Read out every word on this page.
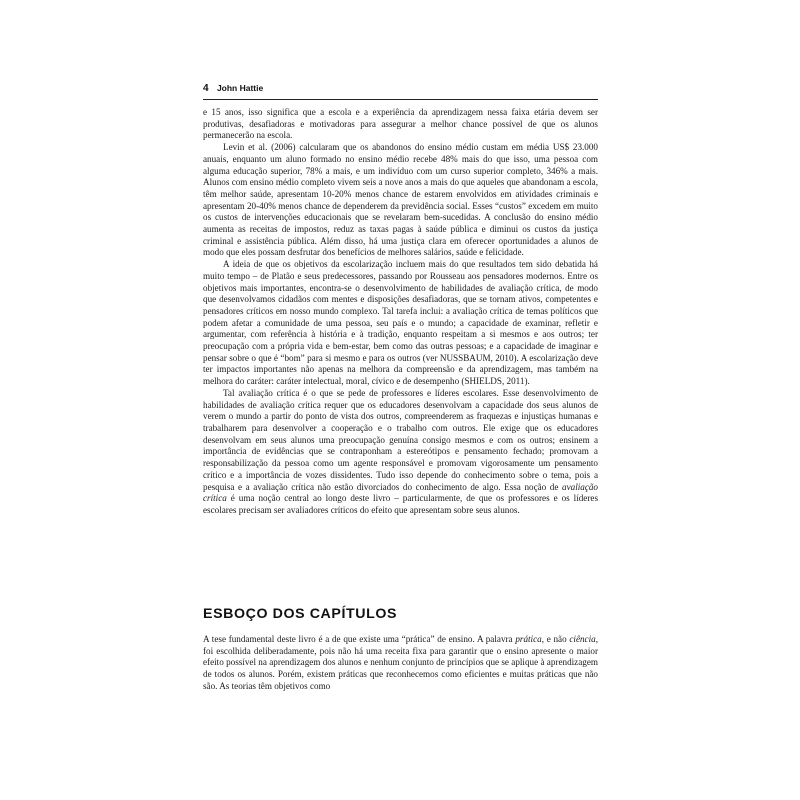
4 John Hattie

e 15 anos, isso significa que a escola e a experiência da aprendizagem nessa faixa etária devem ser produtivas, desafiadoras e motivadoras para assegurar a melhor chance possível de que os alunos permanecerão na escola.

Levin et al. (2006) calcularam que os abandonos do ensino médio custam em média US$ 23.000 anuais, enquanto um aluno formado no ensino médio recebe 48% mais do que isso, uma pessoa com alguma educação superior, 78% a mais, e um indivíduo com um curso superior completo, 346% a mais. Alunos com ensino médio completo vivem seis a nove anos a mais do que aqueles que abandonam a escola, têm melhor saúde, apresentam 10-20% menos chance de estarem envolvidos em atividades criminais e apresentam 20-40% menos chance de dependerem da previdência social. Esses “custos” excedem em muito os custos de intervenções educacionais que se revelaram bem-sucedidas. A conclusão do ensino médio aumenta as receitas de impostos, reduz as taxas pagas à saúde pública e diminui os custos da justiça criminal e assistência pública. Além disso, há uma justiça clara em oferecer oportunidades a alunos de modo que eles possam desfrutar dos benefícios de melhores salários, saúde e felicidade.

A ideia de que os objetivos da escolarização incluem mais do que resultados tem sido debatida há muito tempo – de Platão e seus predecessores, passando por Rousseau aos pensadores modernos. Entre os objetivos mais importantes, encontra-se o desenvolvimento de habilidades de avaliação crítica, de modo que desenvolvamos cidadãos com mentes e disposições desafiadoras, que se tornam ativos, competentes e pensadores críticos em nosso mundo complexo. Tal tarefa inclui: a avaliação crítica de temas políticos que podem afetar a comunidade de uma pessoa, seu país e o mundo; a capacidade de examinar, refletir e argumentar, com referência à história e à tradição, enquanto respeitam a si mesmos e aos outros; ter preocupação com a própria vida e bem-estar, bem como das outras pessoas; e a capacidade de imaginar e pensar sobre o que é “bom” para si mesmo e para os outros (ver NUSSBAUM, 2010). A escolarização deve ter impactos importantes não apenas na melhora da compreensão e da aprendizagem, mas também na melhora do caráter: caráter intelectual, moral, cívico e de desempenho (SHIELDS, 2011).

Tal avaliação crítica é o que se pede de professores e líderes escolares. Esse desenvolvimento de habilidades de avaliação crítica requer que os educadores desenvolvam a capacidade dos seus alunos de verem o mundo a partir do ponto de vista dos outros, compreenderem as fraquezas e injustiças humanas e trabalharem para desenvolver a cooperação e o trabalho com outros. Ele exige que os educadores desenvolvam em seus alunos uma preocupação genuína consigo mesmos e com os outros; ensinem a importância de evidências que se contraponham a estereótipos e pensamento fechado; promovam a responsabilização da pessoa como um agente responsável e promovam vigorosamente um pensamento crítico e a importância de vozes dissidentes. Tudo isso depende do conhecimento sobre o tema, pois a pesquisa e a avaliação crítica não estão divorciados do conhecimento de algo. Essa noção de avaliação crítica é uma noção central ao longo deste livro – particularmente, de que os professores e os líderes escolares precisam ser avaliadores críticos do efeito que apresentam sobre seus alunos.

ESBOÇO DOS CAPÍTULOS

A tese fundamental deste livro é a de que existe uma “prática” de ensino. A palavra prática, e não ciência, foi escolhida deliberadamente, pois não há uma receita fixa para garantir que o ensino apresente o maior efeito possível na aprendizagem dos alunos e nenhum conjunto de princípios que se aplique à aprendizagem de todos os alunos. Porém, existem práticas que reconhecemos como eficientes e muitas práticas que não são. As teorias têm objetivos como
